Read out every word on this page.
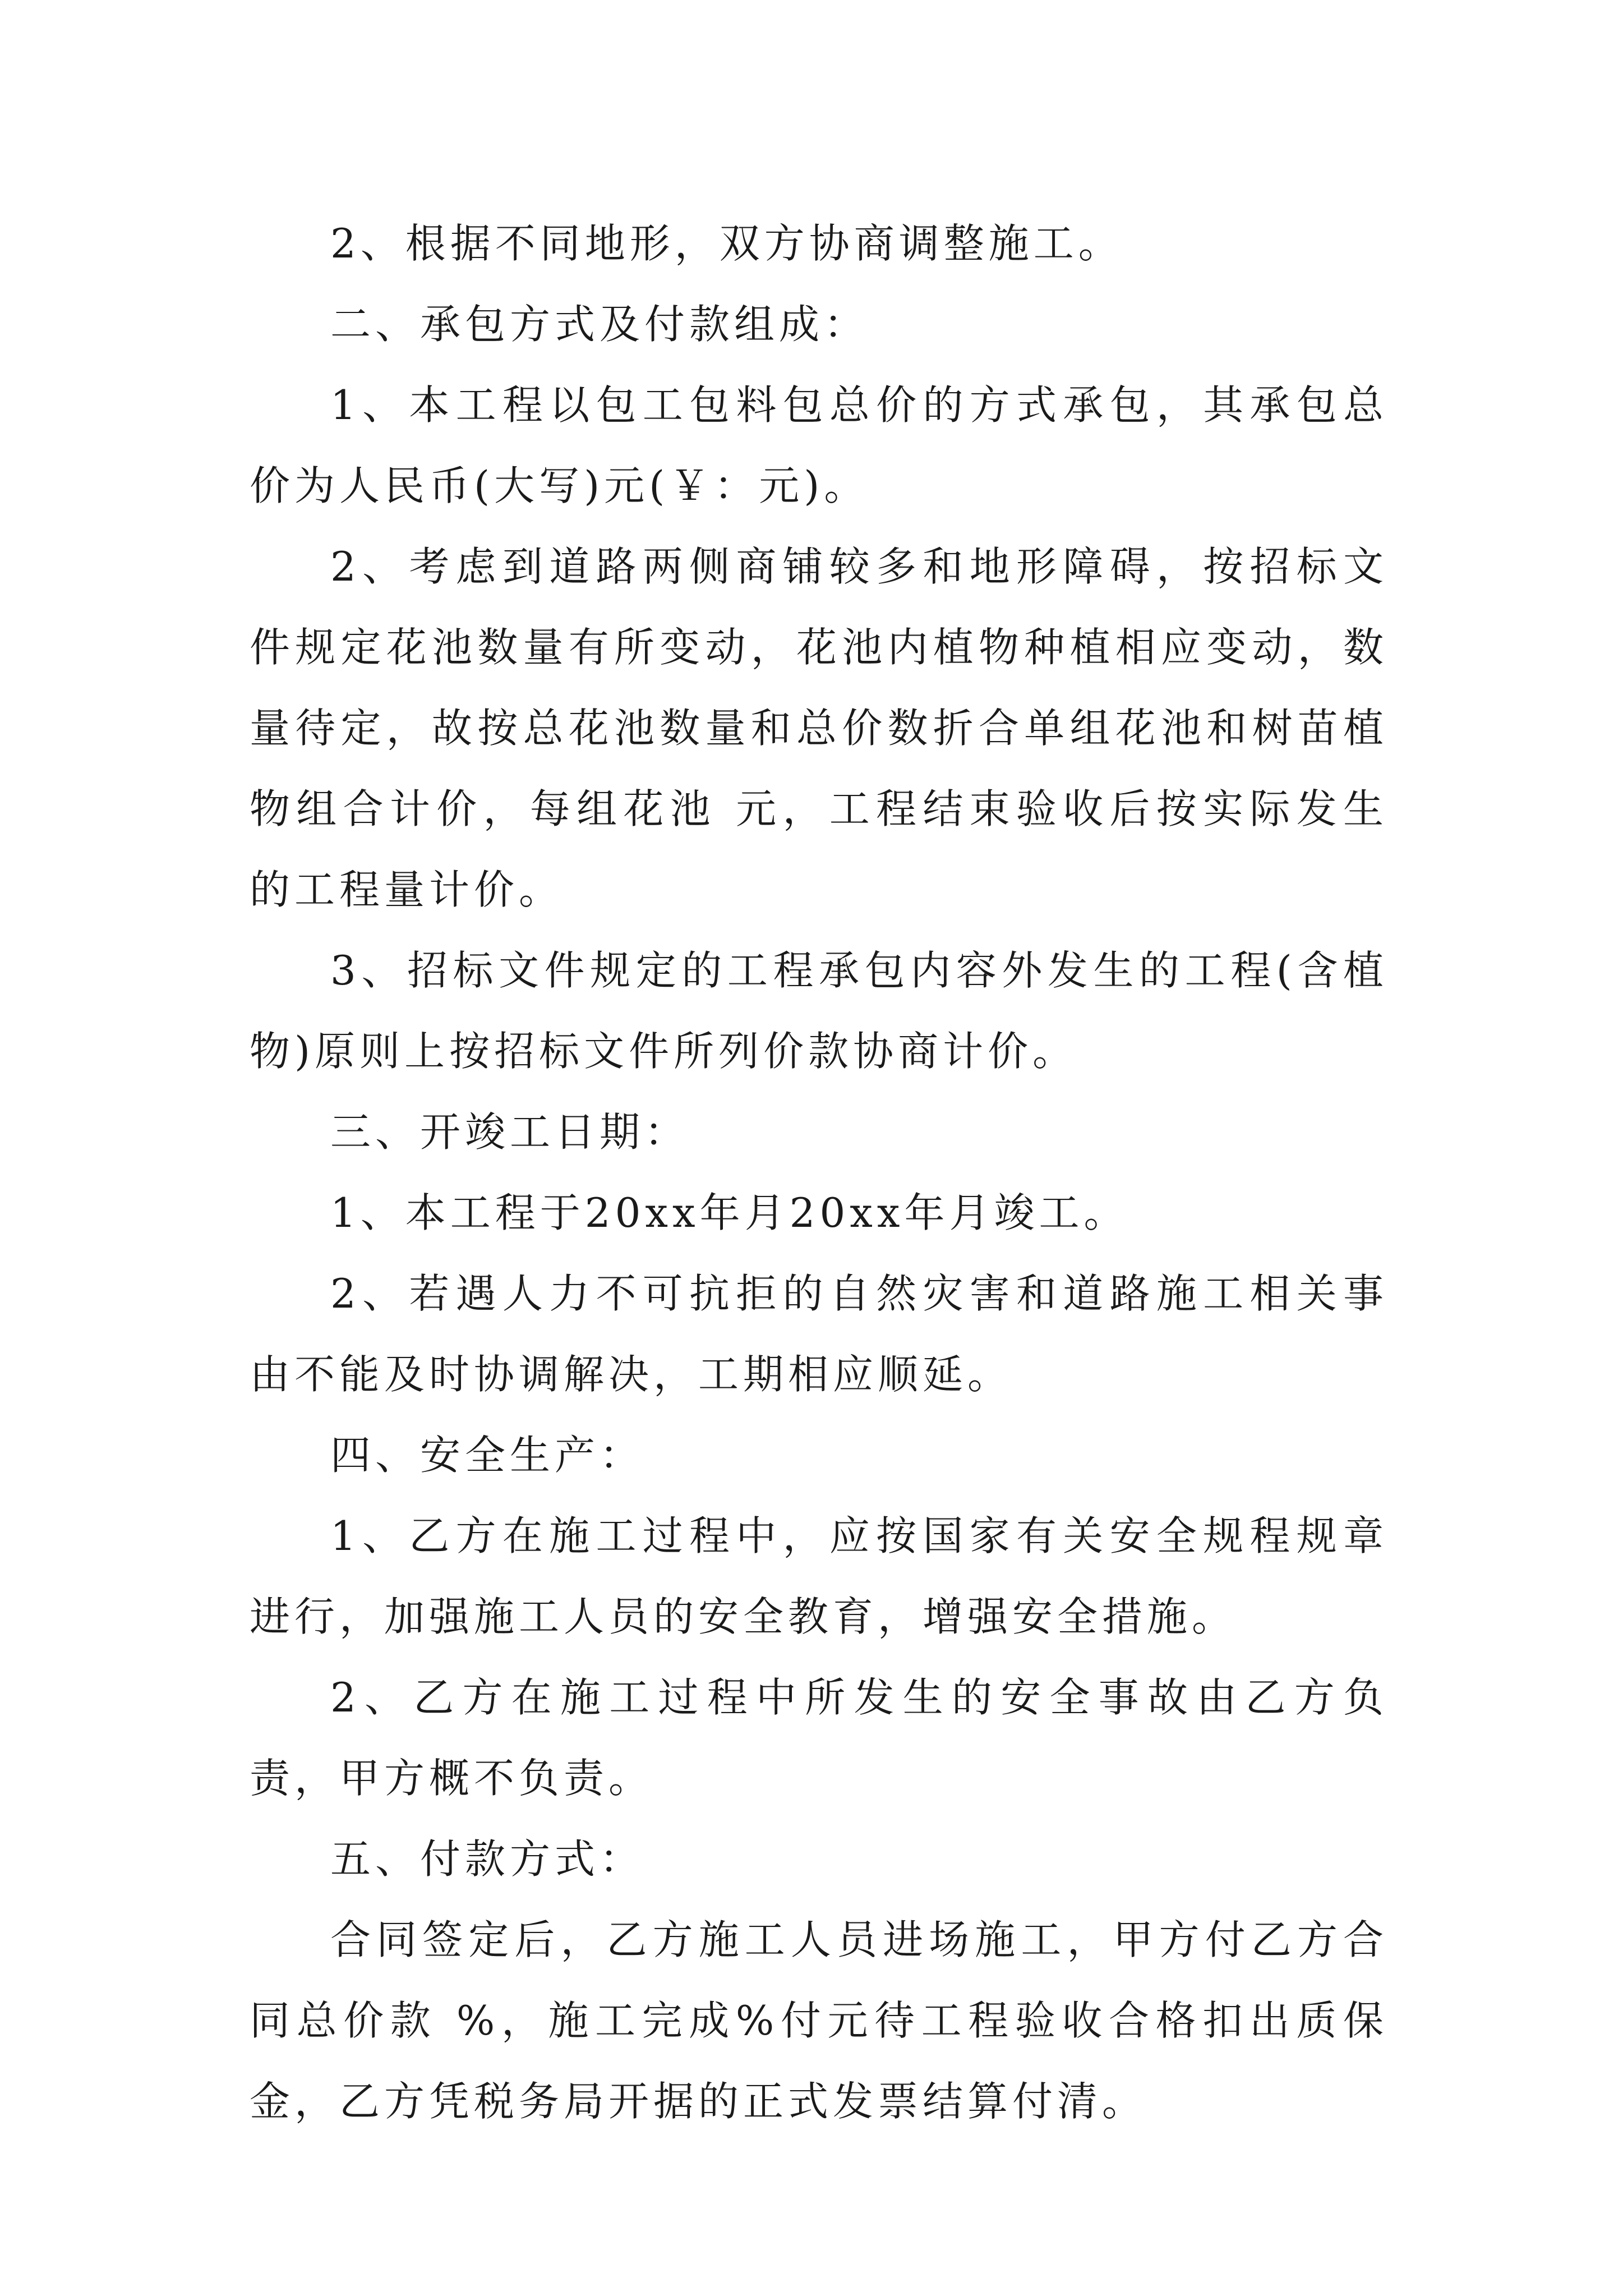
2、根据不同地形，双方协商调整施工。

二、承包方式及付款组成：

1、本工程以包工包料包总价的方式承包，其承包总价为人民币(大写)元(￥：元)。

2、考虑到道路两侧商铺较多和地形障碍，按招标文件规定花池数量有所变动，花池内植物种植相应变动，数量待定，故按总花池数量和总价数折合单组花池和树苗植物组合计价，每组花池 元，工程结束验收后按实际发生的工程量计价。

3、招标文件规定的工程承包内容外发生的工程(含植物)原则上按招标文件所列价款协商计价。

三、开竣工日期：

1、本工程于20xx年月20xx年月竣工。

2、若遇人力不可抗拒的自然灾害和道路施工相关事由不能及时协调解决，工期相应顺延。

四、安全生产：

1、乙方在施工过程中，应按国家有关安全规程规章进行，加强施工人员的安全教育，增强安全措施。

2、乙方在施工过程中所发生的安全事故由乙方负责，甲方概不负责。

五、付款方式：

合同签定后，乙方施工人员进场施工，甲方付乙方合同总价款 %，施工完成%付元待工程验收合格扣出质保金，乙方凭税务局开据的正式发票结算付清。
